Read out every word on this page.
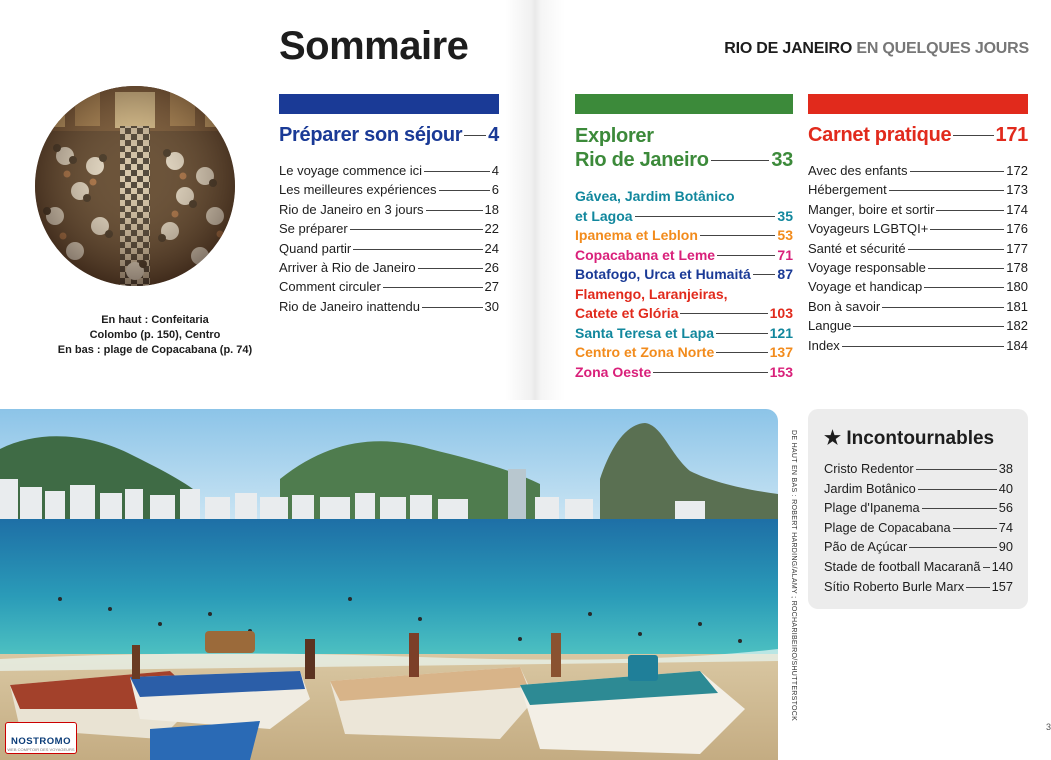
Sommaire	RIO DE JANEIRO EN QUELQUES JOURS
En haut : Confeitaria
Colombo (p. 150), Centro
En bas : plage de Copacabana (p. 74)
Préparer son séjour 4
Le voyage commence ici	4
Les meilleures expériences	6
Rio de Janeiro en 3 jours	18
Se préparer	22
Quand partir	24
Arriver à Rio de Janeiro	26
Comment circuler	27
Rio de Janeiro inattendu	30
Explorer
Rio de Janeiro	33
Gávea, Jardim Botânico
et Lagoa	35
Ipanema et Leblon	53
Copacabana et Leme	71
Botafogo, Urca et Humaitá 87
Flamengo, Laranjeiras,
Catete et Glória	103
Santa Teresa et Lapa	121
Centro et Zona Norte	137
Zona Oeste	153
Carnet pratique 171
Avec des enfants	172
Hébergement	173
Manger, boire et sortir	174
Voyageurs LGBTQI+	176
Santé et sécurité	177
Voyage responsable	178
Voyage et handicap	180
Bon à savoir	181
Langue	182
Index	184
DE HAUT EN BAS : ROBERT HARDING/ALAMY ; ROCHARIBEIRO/SHUTTERSTOCK ★ Incontournables
Cristo Redentor	38
Jardim Botânico	40
Plage d'Ipanema	56
Plage de Copacabana	74
Pão de Açúcar	90
Stade de football Macaranã 140
Sítio Roberto Burle Marx 157
NOSTROMO
WEB COMPTOIR DES VOYAGEURS
3
